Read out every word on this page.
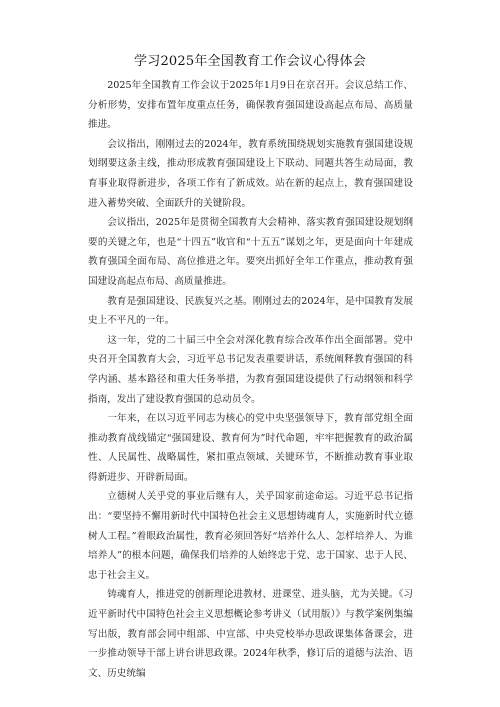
学习2025年全国教育工作会议心得体会

2025年全国教育工作会议于2025年1月9日在京召开。会议总结工作、分析形势，安排布置年度重点任务，确保教育强国建设高起点布局、高质量推进。

会议指出，刚刚过去的2024年，教育系统围绕规划实施教育强国建设规划纲要这条主线，推动形成教育强国建设上下联动、同题共答生动局面，教育事业取得新进步，各项工作有了新成效。站在新的起点上，教育强国建设进入蓄势突破、全面跃升的关键阶段。

会议指出，2025年是贯彻全国教育大会精神、落实教育强国建设规划纲要的关键之年，也是“十四五”收官和“十五五”谋划之年，更是面向十年建成教育强国全面布局、高位推进之年。要突出抓好全年工作重点，推动教育强国建设高起点布局、高质量推进。

教育是强国建设、民族复兴之基。刚刚过去的2024年，是中国教育发展史上不平凡的一年。

这一年，党的二十届三中全会对深化教育综合改革作出全面部署。党中央召开全国教育大会，习近平总书记发表重要讲话，系统阐释教育强国的科学内涵、基本路径和重大任务举措，为教育强国建设提供了行动纲领和科学指南，发出了建设教育强国的总动员令。

一年来，在以习近平同志为核心的党中央坚强领导下，教育部党组全面推动教育战线锚定“强国建设、教育何为”时代命题，牢牢把握教育的政治属性、人民属性、战略属性，紧扣重点领域、关键环节，不断推动教育事业取得新进步、开辟新局面。

立德树人关乎党的事业后继有人，关乎国家前途命运。习近平总书记指出：“要坚持不懈用新时代中国特色社会主义思想铸魂育人，实施新时代立德树人工程。”着眼政治属性，教育必须回答好“培养什么人、怎样培养人、为谁培养人”的根本问题，确保我们培养的人始终忠于党、忠于国家、忠于人民、忠于社会主义。

铸魂育人，推进党的创新理论进教材、进课堂、进头脑，尤为关键。《习近平新时代中国特色社会主义思想概论参考讲义（试用版）》与教学案例集编写出版，教育部会同中组部、中宣部、中央党校举办思政课集体备课会，进一步推动领导干部上讲台讲思政课。2024年秋季，修订后的道德与法治、语文、历史统编
